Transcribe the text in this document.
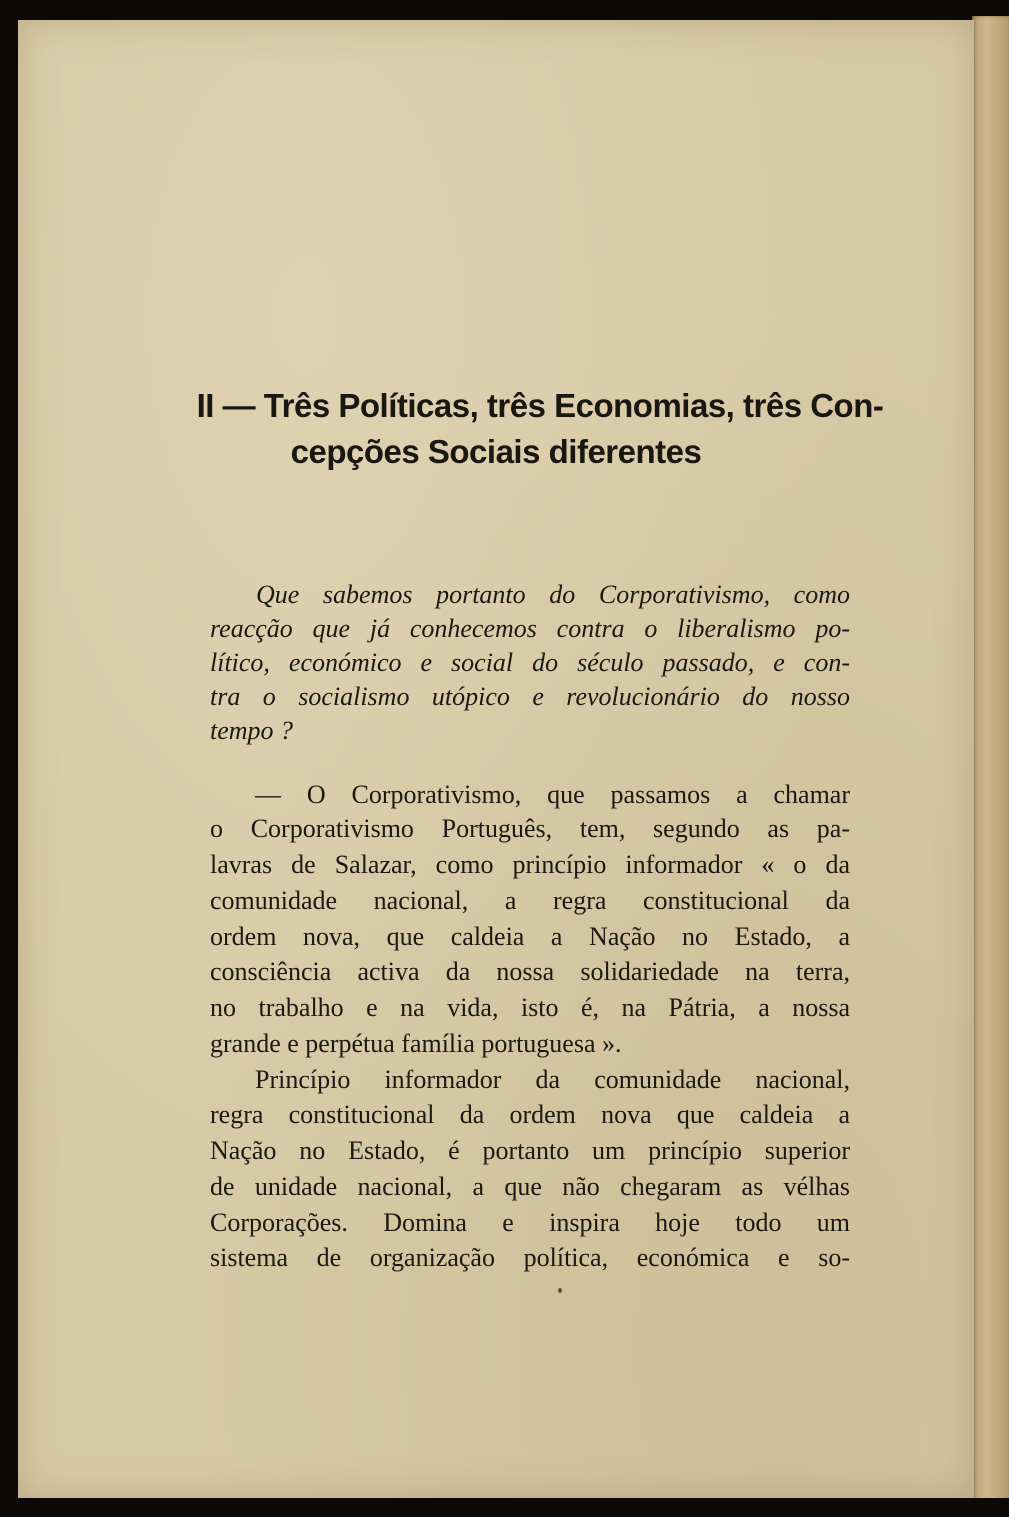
II — Três Políticas, três Economias, três Con-
cepções Sociais diferentes
Que sabemos portanto do Corporativismo, como
reacção que já conhecemos contra o liberalismo po-
lítico, económico e social do século passado, e con-
tra o socialismo utópico e revolucionário do nosso
tempo ?
— O Corporativismo, que passamos a chamar
o Corporativismo Português, tem, segundo as pa-
lavras de Salazar, como princípio informador « o da
comunidade nacional, a regra constitucional da
ordem nova, que caldeia a Nação no Estado, a
consciência activa da nossa solidariedade na terra,
no trabalho e na vida, isto é, na Pátria, a nossa
grande e perpétua família portuguesa ».
Princípio informador da comunidade nacional,
regra constitucional da ordem nova que caldeia a
Nação no Estado, é portanto um princípio superior
de unidade nacional, a que não chegaram as vélhas
Corporações. Domina e inspira hoje todo um
sistema de organização política, económica e so-
